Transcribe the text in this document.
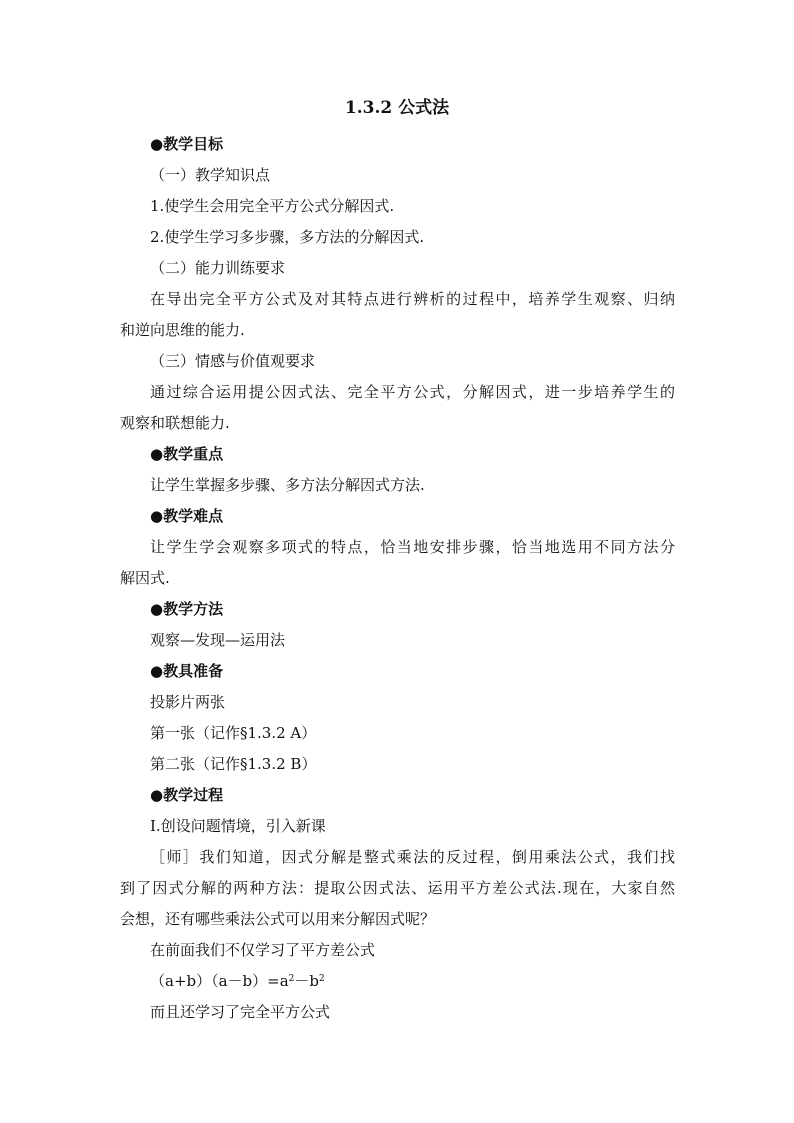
1.3.2 公式法
●教学目标
（一）教学知识点
1.使学生会用完全平方公式分解因式.
2.使学生学习多步骤，多方法的分解因式.
（二）能力训练要求
在导出完全平方公式及对其特点进行辨析的过程中，培养学生观察、归纳
和逆向思维的能力.
（三）情感与价值观要求
通过综合运用提公因式法、完全平方公式，分解因式，进一步培养学生的
观察和联想能力.
●教学重点
让学生掌握多步骤、多方法分解因式方法.
●教学难点
让学生学会观察多项式的特点，恰当地安排步骤，恰当地选用不同方法分
解因式.
●教学方法
观察—发现—运用法
●教具准备
投影片两张
第一张（记作§1.3.2 A）
第二张（记作§1.3.2 B）
●教学过程
Ⅰ.创设问题情境，引入新课
［师］我们知道，因式分解是整式乘法的反过程，倒用乘法公式，我们找
到了因式分解的两种方法：提取公因式法、运用平方差公式法.现在，大家自然
会想，还有哪些乘法公式可以用来分解因式呢？
在前面我们不仅学习了平方差公式
$(a+b)(a-b)=a^2-b^2$
而且还学习了完全平方公式
